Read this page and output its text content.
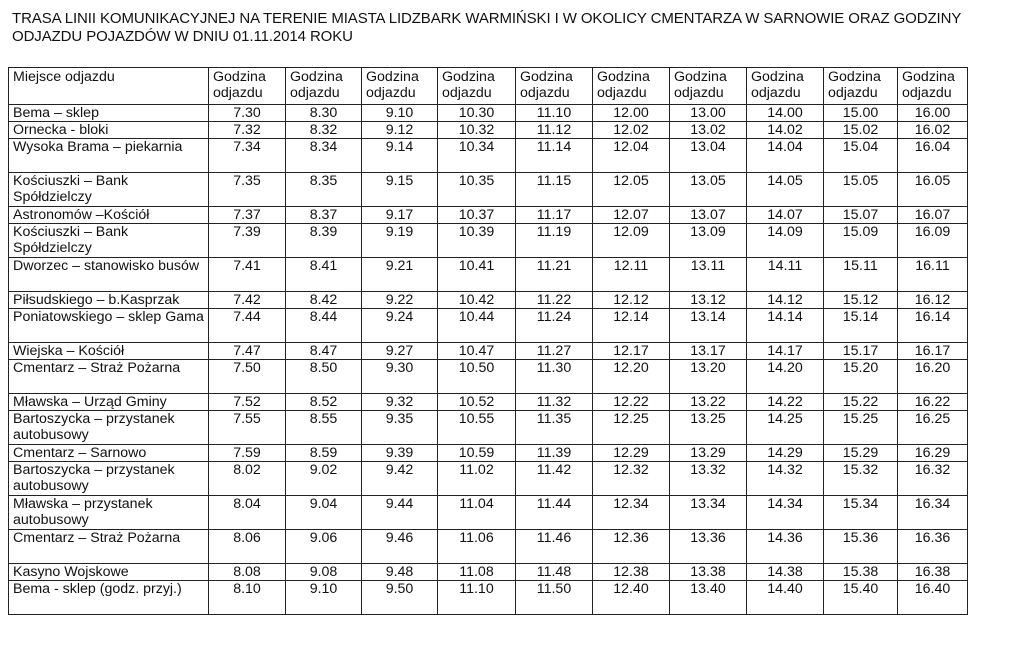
TRASA LINII KOMUNIKACYJNEJ NA TERENIE MIASTA LIDZBARK WARMIŃSKI I W OKOLICY CMENTARZA W SARNOWIE ORAZ GODZINY
ODJAZDU POJAZDÓW W DNIU 01.11.2014 ROKU
Miejsce odjazdu	Godzina odjazdu	Godzina odjazdu	Godzina odjazdu	Godzina odjazdu	Godzina odjazdu	Godzina odjazdu	Godzina odjazdu	Godzina odjazdu	Godzina odjazdu	Godzina odjazdu
Bema – sklep	7.30	8.30	9.10	10.30	11.10	12.00	13.00	14.00	15.00	16.00
Ornecka - bloki	7.32	8.32	9.12	10.32	11.12	12.02	13.02	14.02	15.02	16.02
Wysoka Brama – piekarnia	7.34	8.34	9.14	10.34	11.14	12.04	13.04	14.04	15.04	16.04
Kościuszki – Bank Spółdzielczy	7.35	8.35	9.15	10.35	11.15	12.05	13.05	14.05	15.05	16.05
Astronomów –Kościół	7.37	8.37	9.17	10.37	11.17	12.07	13.07	14.07	15.07	16.07
Kościuszki – Bank Spółdzielczy	7.39	8.39	9.19	10.39	11.19	12.09	13.09	14.09	15.09	16.09
Dworzec – stanowisko busów	7.41	8.41	9.21	10.41	11.21	12.11	13.11	14.11	15.11	16.11
Piłsudskiego – b.Kasprzak	7.42	8.42	9.22	10.42	11.22	12.12	13.12	14.12	15.12	16.12
Poniatowskiego – sklep Gama	7.44	8.44	9.24	10.44	11.24	12.14	13.14	14.14	15.14	16.14
Wiejska – Kościół	7.47	8.47	9.27	10.47	11.27	12.17	13.17	14.17	15.17	16.17
Cmentarz – Straż Pożarna	7.50	8.50	9.30	10.50	11.30	12.20	13.20	14.20	15.20	16.20
Mławska – Urząd Gminy	7.52	8.52	9.32	10.52	11.32	12.22	13.22	14.22	15.22	16.22
Bartoszycka – przystanek autobusowy	7.55	8.55	9.35	10.55	11.35	12.25	13.25	14.25	15.25	16.25
Cmentarz – Sarnowo	7.59	8.59	9.39	10.59	11.39	12.29	13.29	14.29	15.29	16.29
Bartoszycka – przystanek autobusowy	8.02	9.02	9.42	11.02	11.42	12.32	13.32	14.32	15.32	16.32
Mławska – przystanek autobusowy	8.04	9.04	9.44	11.04	11.44	12.34	13.34	14.34	15.34	16.34
Cmentarz – Straż Pożarna	8.06	9.06	9.46	11.06	11.46	12.36	13.36	14.36	15.36	16.36
Kasyno Wojskowe	8.08	9.08	9.48	11.08	11.48	12.38	13.38	14.38	15.38	16.38
Bema - sklep (godz. przyj.)	8.10	9.10	9.50	11.10	11.50	12.40	13.40	14.40	15.40	16.40
